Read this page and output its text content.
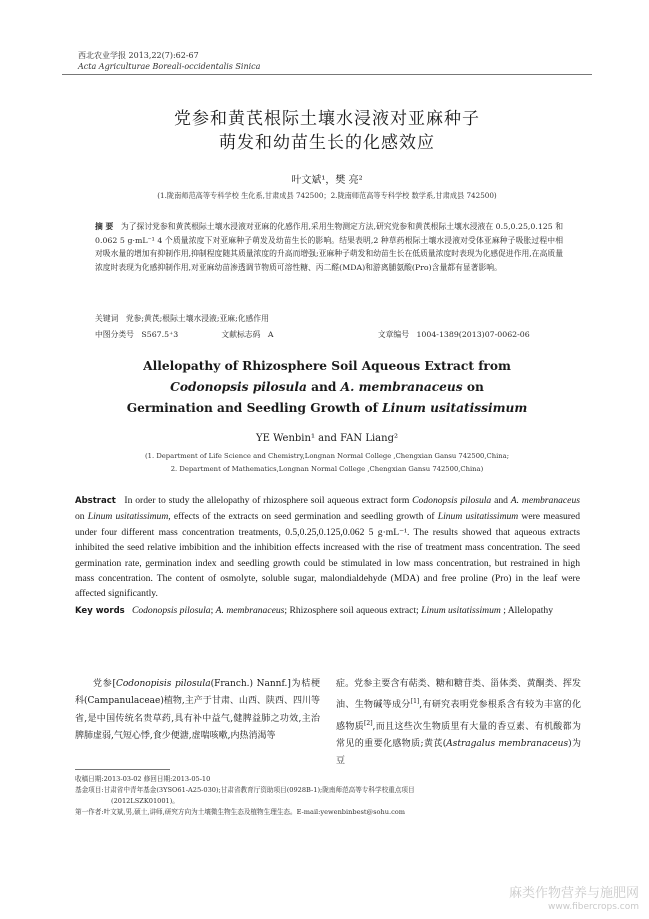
西北农业学报 2013,22(7):62-67
Acta Agriculturae Boreali-occidentalis Sinica
党参和黄芪根际土壤水浸液对亚麻种子
萌发和幼苗生长的化感效应
叶文斌¹，樊 亮²
(1.陇南师范高等专科学校 生化系,甘肃成县 742500；2.陇南师范高等专科学校 数学系,甘肃成县 742500)
摘 要 为了探讨党参和黄芪根际土壤水浸液对亚麻的化感作用,采用生物测定方法,研究党参和黄芪根际土壤水浸液在 0.5,0.25,0.125 和 0.062 5 g·mL⁻¹ 4 个质量浓度下对亚麻种子萌发及幼苗生长的影响。结果表明,2 种草药根际土壤水浸液对受体亚麻种子吸胀过程中相对吸水量的增加有抑制作用,抑制程度随其质量浓度的升高而增强;亚麻种子萌发和幼苗生长在低质量浓度时表现为化感促进作用,在高质量浓度时表现为化感抑制作用,对亚麻幼苗渗透调节物质可溶性糖、丙二醛(MDA)和游离脯氨酸(Pro)含量都有显著影响。
关键词 党参;黄芪;根际土壤水浸液;亚麻;化感作用
中图分类号 S567.5⁺3	文献标志码 A	文章编号 1004-1389(2013)07-0062-06
Allelopathy of Rhizosphere Soil Aqueous Extract from
Codonopsis pilosula and A. membranaceus on
Germination and Seedling Growth of Linum usitatissimum
YE Wenbin¹ and FAN Liang²
(1. Department of Life Science and Chemistry,Longnan Normal College ,Chengxian Gansu 742500,China;
2. Department of Mathematics,Longnan Normal College ,Chengxian Gansu 742500,China)
Abstract In order to study the allelopathy of rhizosphere soil aqueous extract form Codonopsis pilosula and A. membranaceus on Linum usitatissimum, effects of the extracts on seed germination and seedling growth of Linum usitatissimum were measured under four different mass concentration treatments, 0.5,0.25,0.125,0.062 5 g·mL⁻¹. The results showed that aqueous extracts inhibited the seed relative imbibition and the inhibition effects increased with the rise of treatment mass concentration. The seed germination rate, germination index and seedling growth could be stimulated in low mass concentration, but restrained in high mass concentration. The content of osmolyte, soluble sugar, malondialdehyde (MDA) and free proline (Pro) in the leaf were affected significantly.
Key words Codonopsis pilosula; A. membranaceus; Rhizosphere soil aqueous extract; Linum usitatissimum ; Allelopathy
党参[Codonopisis pilosula(Franch.) Nannf.]为桔梗科(Campanulaceae)植物,主产于甘肃、山西、陕西、四川等省,是中国传统名贵草药,具有补中益气,健脾益肺之功效,主治脾肺虚弱,气短心悸,食少便溏,虚喘咳嗽,内热消渴等
症。党参主要含有萜类、糖和糖苷类、甾体类、黄酮类、挥发油、生物碱等成分[1],有研究表明党参根系含有较为丰富的化感物质[2],而且这些次生物质里有大量的香豆素、有机酸都为常见的重要化感物质;黄芪(Astragalus membranaceus)为豆
收稿日期:2013-03-02 修回日期:2013-05-10
基金项目:甘肃省中青年基金(3YSO61-A25-030);甘肃省教育厅资助项目(0928B-1);陇南师范高等专科学校重点项目
(2012LSZK01001)。
第一作者:叶文斌,男,硕士,讲师,研究方向为土壤微生物生态及植物生理生态。E-mail:yewenbinbest@sohu.com
麻类作物营养与施肥网
www.fibercrops.com
